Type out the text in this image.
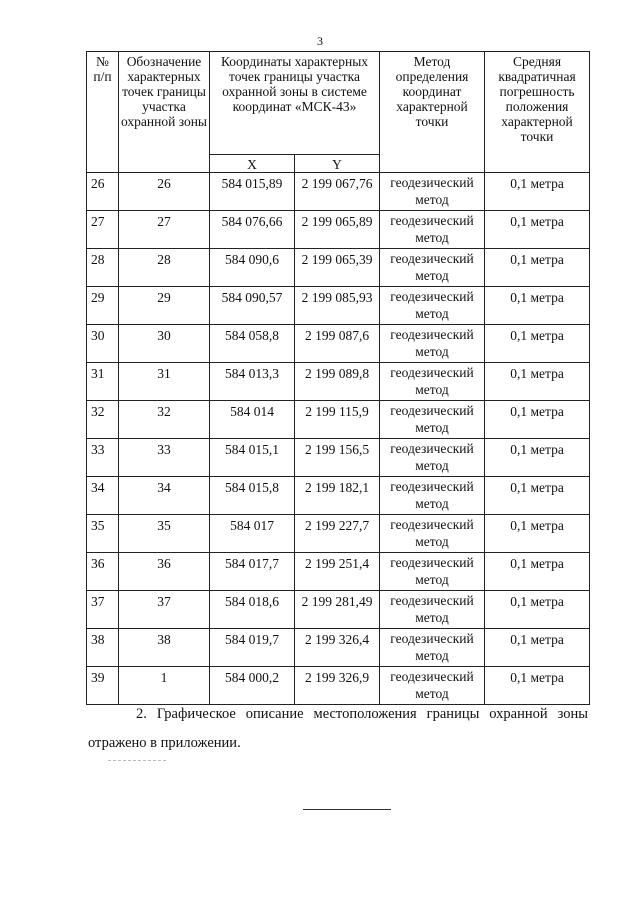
3
№ п/п	Обозначение характерных точек границы участка охранной зоны	Координаты характерных точек границы участка охранной зоны в системе координат «МСК-43»		Метод определения координат характерной точки	Средняя квадратичная погрешность положения характерной точки
		X	Y		
26	26	584 015,89	2 199 067,76	геодезический метод	0,1 метра
27	27	584 076,66	2 199 065,89	геодезический метод	0,1 метра
28	28	584 090,6	2 199 065,39	геодезический метод	0,1 метра
29	29	584 090,57	2 199 085,93	геодезический метод	0,1 метра
30	30	584 058,8	2 199 087,6	геодезический метод	0,1 метра
31	31	584 013,3	2 199 089,8	геодезический метод	0,1 метра
32	32	584 014	2 199 115,9	геодезический метод	0,1 метра
33	33	584 015,1	2 199 156,5	геодезический метод	0,1 метра
34	34	584 015,8	2 199 182,1	геодезический метод	0,1 метра
35	35	584 017	2 199 227,7	геодезический метод	0,1 метра
36	36	584 017,7	2 199 251,4	геодезический метод	0,1 метра
37	37	584 018,6	2 199 281,49	геодезический метод	0,1 метра
38	38	584 019,7	2 199 326,4	геодезический метод	0,1 метра
39	1	584 000,2	2 199 326,9	геодезический метод	0,1 метра
2. Графическое описание местоположения границы охранной зоны отражено в приложении.
